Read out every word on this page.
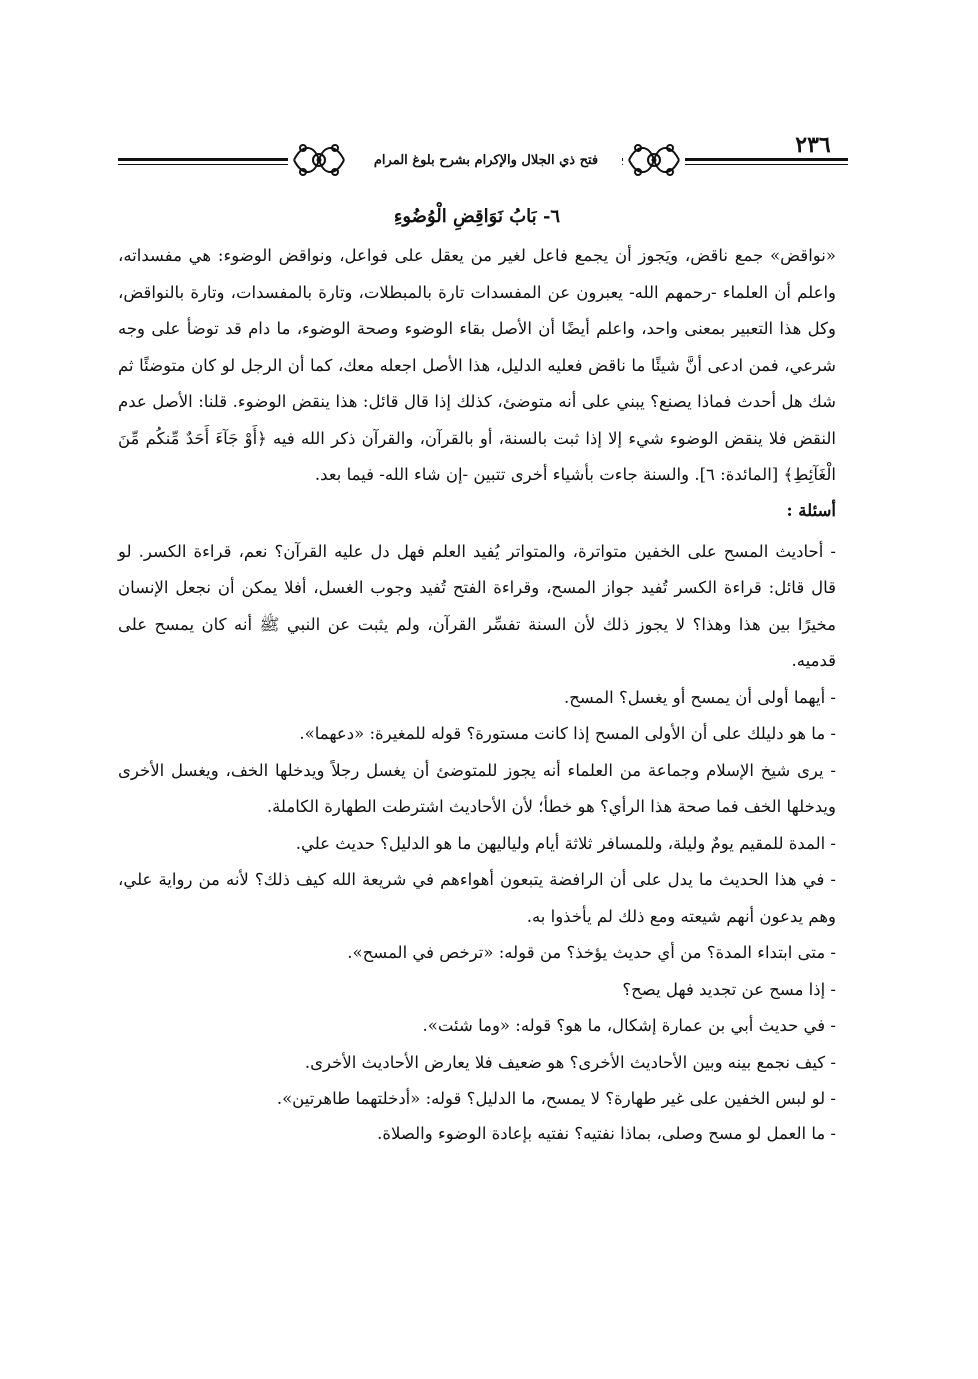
٢٣٦
فتح ذي الجلال والإكرام بشرح بلوغ المرام
٦- بَابُ نَوَاقِضِ الْوُضُوءِ

«نواقض» جمع ناقض، ويَجوز أن يجمع فاعل لغير من يعقل على فواعل، ونواقض الوضوء: هي مفسداته، واعلم أن العلماء -رحمهم الله- يعبرون عن المفسدات تارة بالمبطلات، وتارة بالمفسدات، وتارة بالنواقض، وكل هذا التعبير بمعنى واحد، واعلم أيضًا أن الأصل بقاء الوضوء وصحة الوضوء، ما دام قد توضأ على وجه شرعي، فمن ادعى أنَّ شيئًا ما ناقض فعليه الدليل، هذا الأصل اجعله معك، كما أن الرجل لو كان متوضئًا ثم شك هل أحدث فماذا يصنع؟ يبني على أنه متوضئ، كذلك إذا قال قائل: هذا ينقض الوضوء. قلنا: الأصل عدم النقض فلا ينقض الوضوء شيء إلا إذا ثبت بالسنة، أو بالقرآن، والقرآن ذكر الله فيه ﴿أَوْ جَآءَ أَحَدٌ مِّنكُم مِّنَ الْغَآئِطِ﴾ [المائدة: ٦]. والسنة جاءت بأشياء أخرى تتبين -إن شاء الله- فيما بعد.

أسئلة :
- أحاديث المسح على الخفين متواترة، والمتواتر يُفيد العلم فهل دل عليه القرآن؟ نعم، قراءة الكسر. لو قال قائل: قراءة الكسر تُفيد جواز المسح، وقراءة الفتح تُفيد وجوب الغسل، أفلا يمكن أن نجعل الإنسان مخيرًا بين هذا وهذا؟ لا يجوز ذلك لأن السنة تفسِّر القرآن، ولم يثبت عن النبي ﷺ أنه كان يمسح على قدميه.
- أيهما أولى أن يمسح أو يغسل؟ المسح.
- ما هو دليلك على أن الأولى المسح إذا كانت مستورة؟ قوله للمغيرة: «دعهما».
- يرى شيخ الإسلام وجماعة من العلماء أنه يجوز للمتوضئ أن يغسل رجلاً ويدخلها الخف، ويغسل الأخرى ويدخلها الخف فما صحة هذا الرأي؟ هو خطأ؛ لأن الأحاديث اشترطت الطهارة الكاملة.
- المدة للمقيم يومٌ وليلة، وللمسافر ثلاثة أيام ولياليهن ما هو الدليل؟ حديث علي.
- في هذا الحديث ما يدل على أن الرافضة يتبعون أهواءهم في شريعة الله كيف ذلك؟ لأنه من رواية علي، وهم يدعون أنهم شيعته ومع ذلك لم يأخذوا به.
- متى ابتداء المدة؟ من أي حديث يؤخذ؟ من قوله: «ترخص في المسح».
- إذا مسح عن تجديد فهل يصح؟
- في حديث أبي بن عمارة إشكال، ما هو؟ قوله: «وما شئت».
- كيف نجمع بينه وبين الأحاديث الأخرى؟ هو ضعيف فلا يعارض الأحاديث الأخرى.
- لو لبس الخفين على غير طهارة؟ لا يمسح، ما الدليل؟ قوله: «أدخلتهما طاهرتين».
- ما العمل لو مسح وصلى، بماذا نفتيه؟ نفتيه بإعادة الوضوء والصلاة.
